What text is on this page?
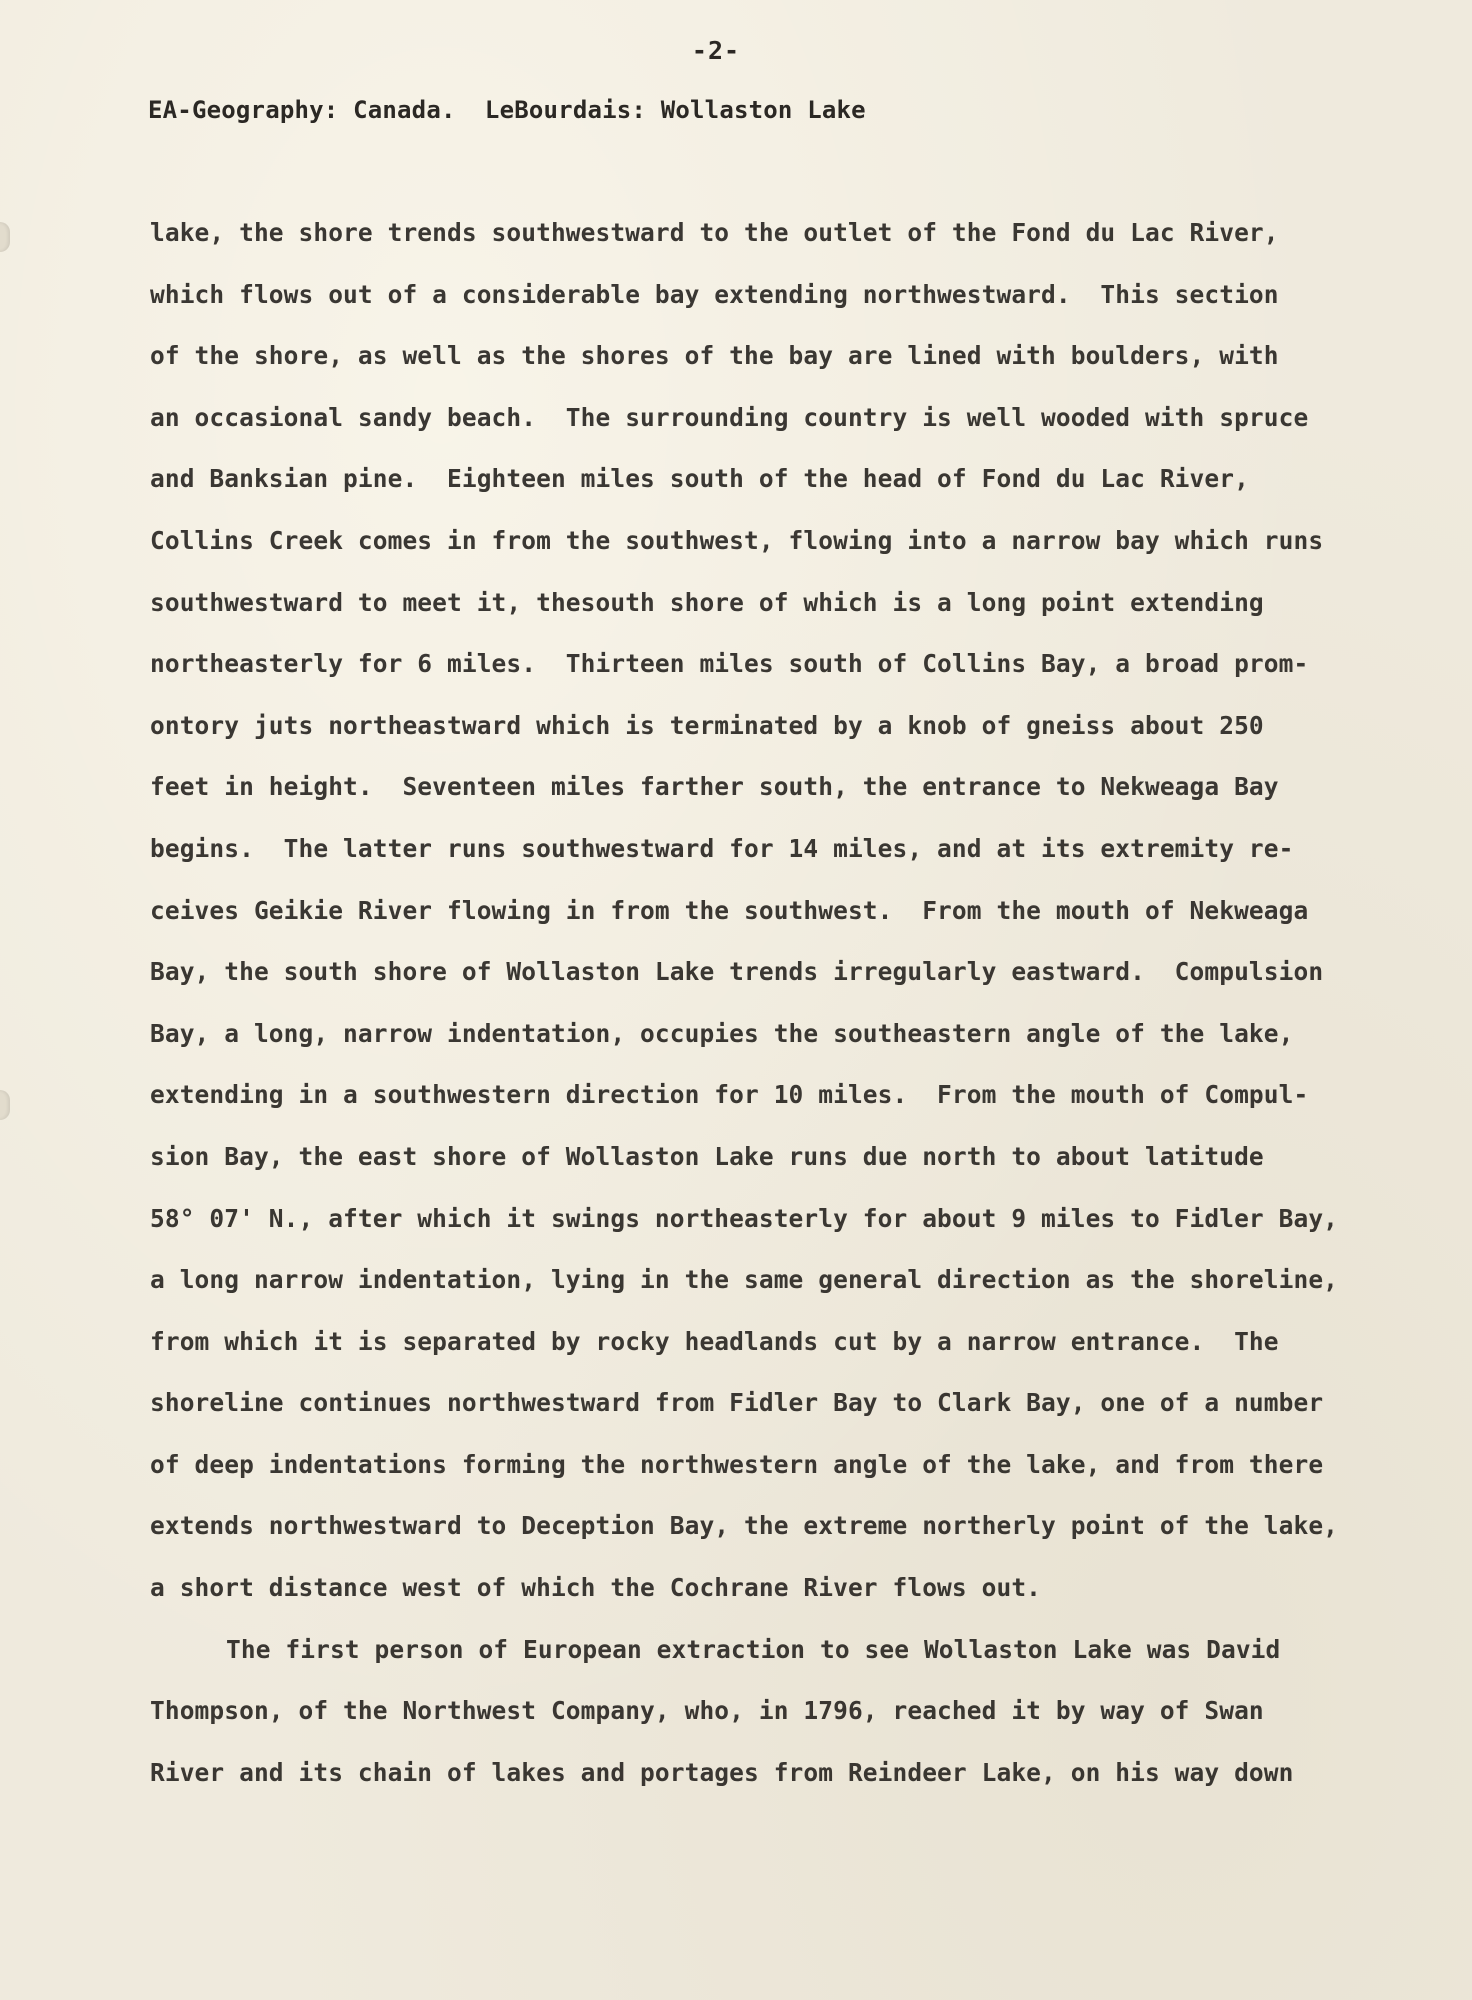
-2-
EA-Geography: Canada.  LeBourdais: Wollaston Lake
lake, the shore trends southwestward to the outlet of the Fond du Lac River,
which flows out of a considerable bay extending northwestward.  This section
of the shore, as well as the shores of the bay are lined with boulders, with
an occasional sandy beach.  The surrounding country is well wooded with spruce
and Banksian pine.  Eighteen miles south of the head of Fond du Lac River,
Collins Creek comes in from the southwest, flowing into a narrow bay which runs
southwestward to meet it, thesouth shore of which is a long point extending
northeasterly for 6 miles.  Thirteen miles south of Collins Bay, a broad prom-
ontory juts northeastward which is terminated by a knob of gneiss about 250
feet in height.  Seventeen miles farther south, the entrance to Nekweaga Bay
begins.  The latter runs southwestward for 14 miles, and at its extremity re-
ceives Geikie River flowing in from the southwest.  From the mouth of Nekweaga
Bay, the south shore of Wollaston Lake trends irregularly eastward.  Compulsion
Bay, a long, narrow indentation, occupies the southeastern angle of the lake,
extending in a southwestern direction for 10 miles.  From the mouth of Compul-
sion Bay, the east shore of Wollaston Lake runs due north to about latitude
58° 07' N., after which it swings northeasterly for about 9 miles to Fidler Bay,
a long narrow indentation, lying in the same general direction as the shoreline,
from which it is separated by rocky headlands cut by a narrow entrance.  The
shoreline continues northwestward from Fidler Bay to Clark Bay, one of a number
of deep indentations forming the northwestern angle of the lake, and from there
extends northwestward to Deception Bay, the extreme northerly point of the lake,
a short distance west of which the Cochrane River flows out.
The first person of European extraction to see Wollaston Lake was David
Thompson, of the Northwest Company, who, in 1796, reached it by way of Swan
River and its chain of lakes and portages from Reindeer Lake, on his way down
